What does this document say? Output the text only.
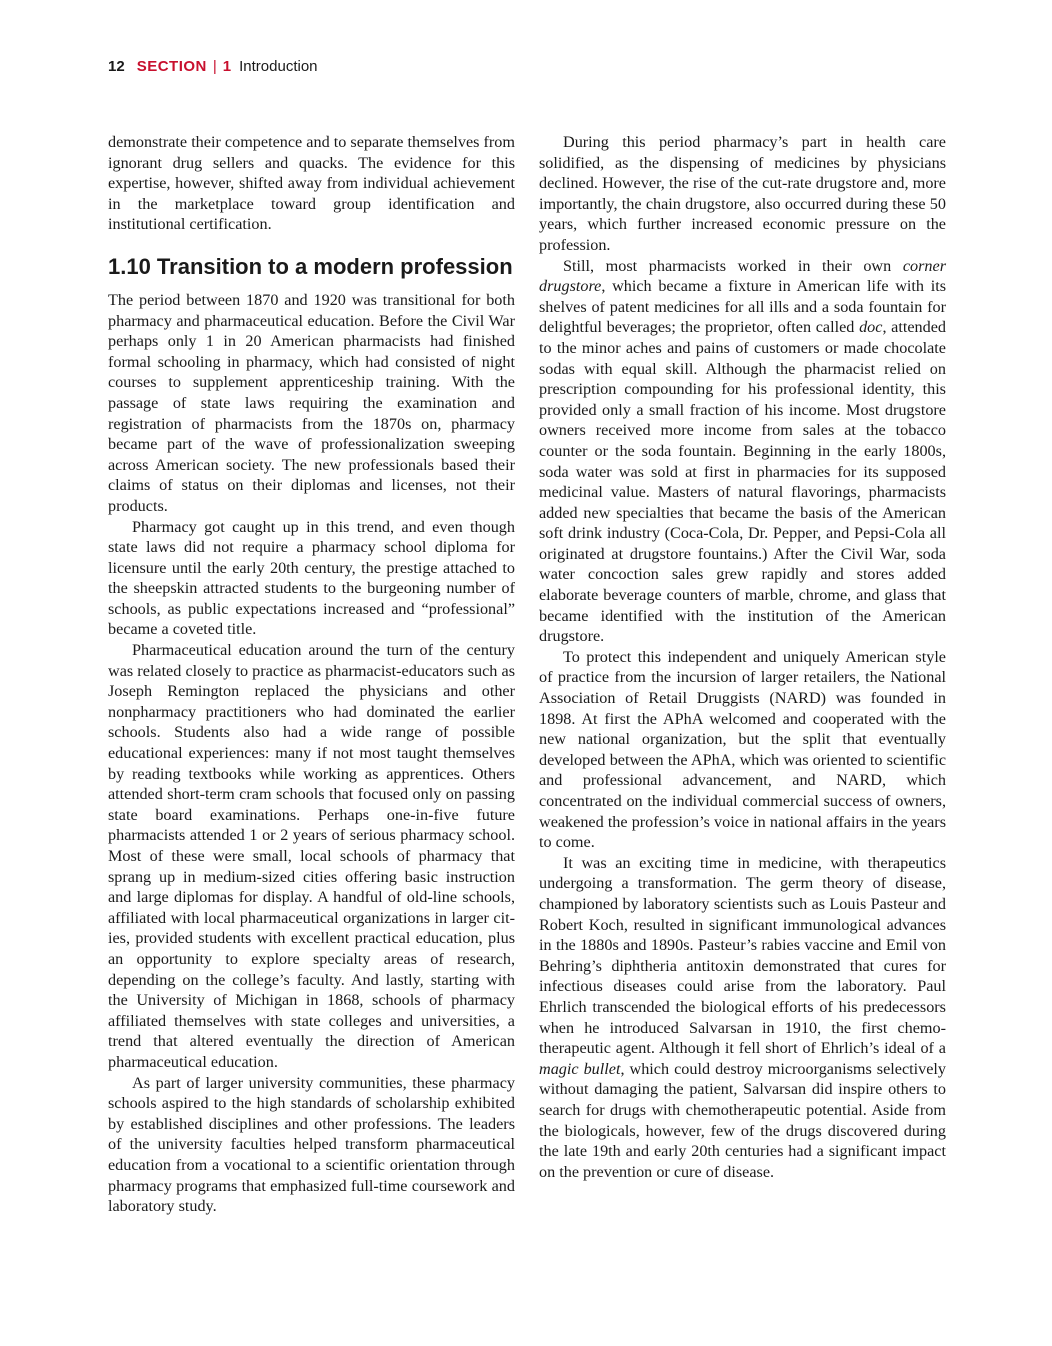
12 SECTION | 1 Introduction

demonstrate their competence and to separate themselves from ignorant drug sellers and quacks. The evidence for this expertise, however, shifted away from individual achievement in the marketplace toward group identification and institutional certification.

1.10 Transition to a modern profession

The period between 1870 and 1920 was transitional for both pharmacy and pharmaceutical education. Before the Civil War perhaps only 1 in 20 American pharmacists had finished formal schooling in pharmacy, which had consisted of night courses to supplement apprenticeship training. With the passage of state laws requiring the examination and registration of pharmacists from the 1870s on, pharmacy became part of the wave of professionalization sweeping across American society. The new professionals based their claims of status on their diplomas and licenses, not their products.

Pharmacy got caught up in this trend, and even though state laws did not require a pharmacy school diploma for licensure until the early 20th century, the prestige attached to the sheepskin attracted students to the burgeoning number of schools, as public expectations increased and “professional” became a coveted title.

Pharmaceutical education around the turn of the century was related closely to practice as pharmacist-educators such as Joseph Remington replaced the physicians and other nonpharmacy practitioners who had dominated the earlier schools. Students also had a wide range of possible educational experiences: many if not most taught themselves by reading textbooks while working as apprentices. Others attended short-term cram schools that focused only on passing state board examinations. Perhaps one-in-five future pharmacists attended 1 or 2 years of serious pharmacy school. Most of these were small, local schools of pharmacy that sprang up in medium-sized cities offering basic instruction and large diplomas for display. A handful of old-line schools, affiliated with local pharmaceutical organizations in larger cities, provided students with excellent practical education, plus an opportunity to explore specialty areas of research, depending on the college’s faculty. And lastly, starting with the University of Michigan in 1868, schools of pharmacy affiliated themselves with state colleges and universities, a trend that altered eventually the direction of American pharmaceutical education.

As part of larger university communities, these pharmacy schools aspired to the high standards of scholarship exhibited by established disciplines and other professions. The leaders of the university faculties helped transform pharmaceutical education from a vocational to a scientific orientation through pharmacy programs that emphasized full-time coursework and laboratory study.

During this period pharmacy’s part in health care solidified, as the dispensing of medicines by physicians declined. However, the rise of the cut-rate drugstore and, more importantly, the chain drugstore, also occurred during these 50 years, which further increased economic pressure on the profession.

Still, most pharmacists worked in their own corner drugstore, which became a fixture in American life with its shelves of patent medicines for all ills and a soda fountain for delightful beverages; the proprietor, often called doc, attended to the minor aches and pains of customers or made chocolate sodas with equal skill. Although the pharmacist relied on prescription compounding for his professional identity, this provided only a small fraction of his income. Most drugstore owners received more income from sales at the tobacco counter or the soda fountain. Beginning in the early 1800s, soda water was sold at first in pharmacies for its supposed medicinal value. Masters of natural flavorings, pharmacists added new specialties that became the basis of the American soft drink industry (Coca-Cola, Dr. Pepper, and Pepsi-Cola all originated at drugstore fountains.) After the Civil War, soda water concoction sales grew rapidly and stores added elaborate beverage counters of marble, chrome, and glass that became identified with the institution of the American drugstore.

To protect this independent and uniquely American style of practice from the incursion of larger retailers, the National Association of Retail Druggists (NARD) was founded in 1898. At first the APhA welcomed and cooperated with the new national organization, but the split that eventually developed between the APhA, which was oriented to scientific and professional advancement, and NARD, which concentrated on the individual commercial success of owners, weakened the profession’s voice in national affairs in the years to come.

It was an exciting time in medicine, with therapeutics undergoing a transformation. The germ theory of disease, championed by laboratory scientists such as Louis Pasteur and Robert Koch, resulted in significant immunological advances in the 1880s and 1890s. Pasteur’s rabies vaccine and Emil von Behring’s diphtheria antitoxin demonstrated that cures for infectious diseases could arise from the laboratory. Paul Ehrlich transcended the biological efforts of his predecessors when he introduced Salvarsan in 1910, the first chemotherapeutic agent. Although it fell short of Ehrlich’s ideal of a magic bullet, which could destroy microorganisms selectively without damaging the patient, Salvarsan did inspire others to search for drugs with chemotherapeutic potential. Aside from the biologicals, however, few of the drugs discovered during the late 19th and early 20th centuries had a significant impact on the prevention or cure of disease.
